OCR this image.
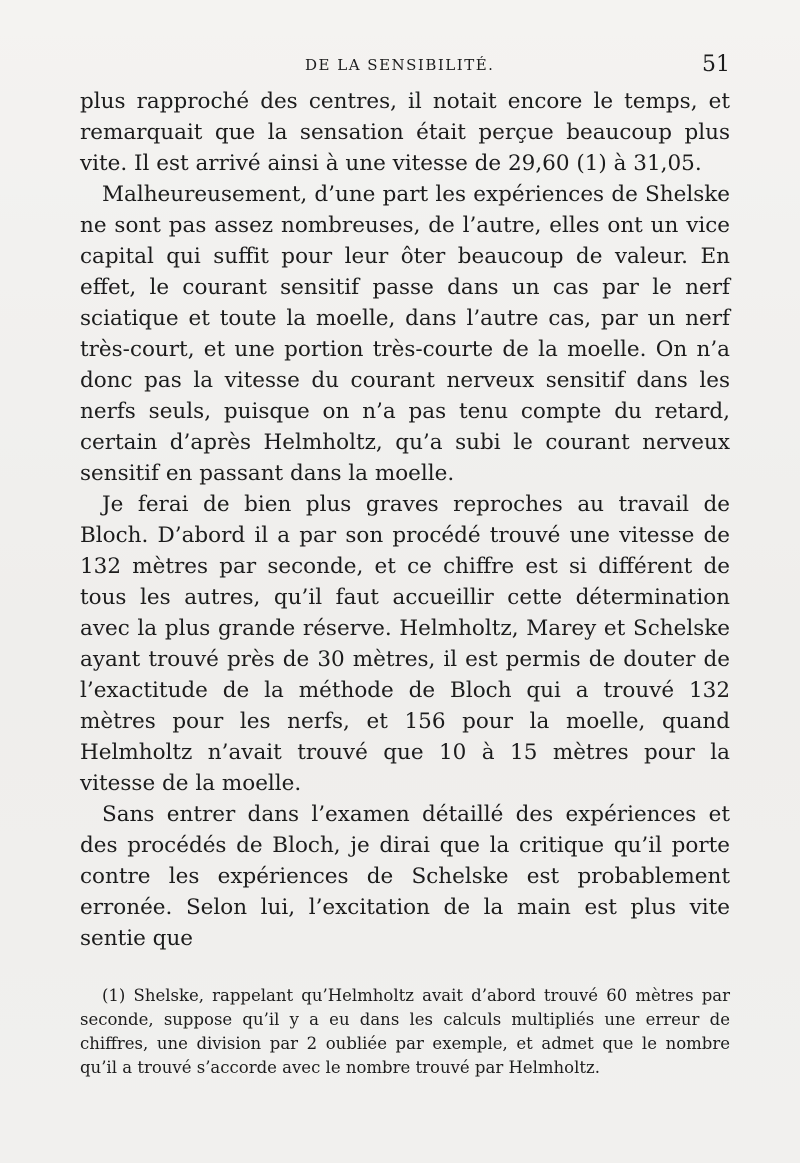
DE LA SENSIBILITÉ.	51

plus rapproché des centres, il notait encore le temps, et remarquait que la sensation était perçue beaucoup plus vite. Il est arrivé ainsi à une vitesse de 29,60 (1) à 31,05.

Malheureusement, d’une part les expériences de Shelske ne sont pas assez nombreuses, de l’autre, elles ont un vice capital qui suffit pour leur ôter beaucoup de valeur. En effet, le courant sensitif passe dans un cas par le nerf sciatique et toute la moelle, dans l’autre cas, par un nerf très-court, et une portion très-courte de la moelle. On n’a donc pas la vitesse du courant nerveux sensitif dans les nerfs seuls, puisque on n’a pas tenu compte du retard, certain d’après Helmholtz, qu’a subi le courant nerveux sensitif en passant dans la moelle.

Je ferai de bien plus graves reproches au travail de Bloch. D’abord il a par son procédé trouvé une vitesse de 132 mètres par seconde, et ce chiffre est si différent de tous les autres, qu’il faut accueillir cette détermination avec la plus grande réserve. Helmholtz, Marey et Schelske ayant trouvé près de 30 mètres, il est permis de douter de l’exactitude de la méthode de Bloch qui a trouvé 132 mètres pour les nerfs, et 156 pour la moelle, quand Helmholtz n’avait trouvé que 10 à 15 mètres pour la vitesse de la moelle.

Sans entrer dans l’examen détaillé des expériences et des procédés de Bloch, je dirai que la critique qu’il porte contre les expériences de Schelske est probablement erronée. Selon lui, l’excitation de la main est plus vite sentie que

(1) Shelske, rappelant qu’Helmholtz avait d’abord trouvé 60 mètres par seconde, suppose qu’il y a eu dans les calculs multipliés une erreur de chiffres, une division par 2 oubliée par exemple, et admet que le nombre qu’il a trouvé s’accorde avec le nombre trouvé par Helmholtz.
